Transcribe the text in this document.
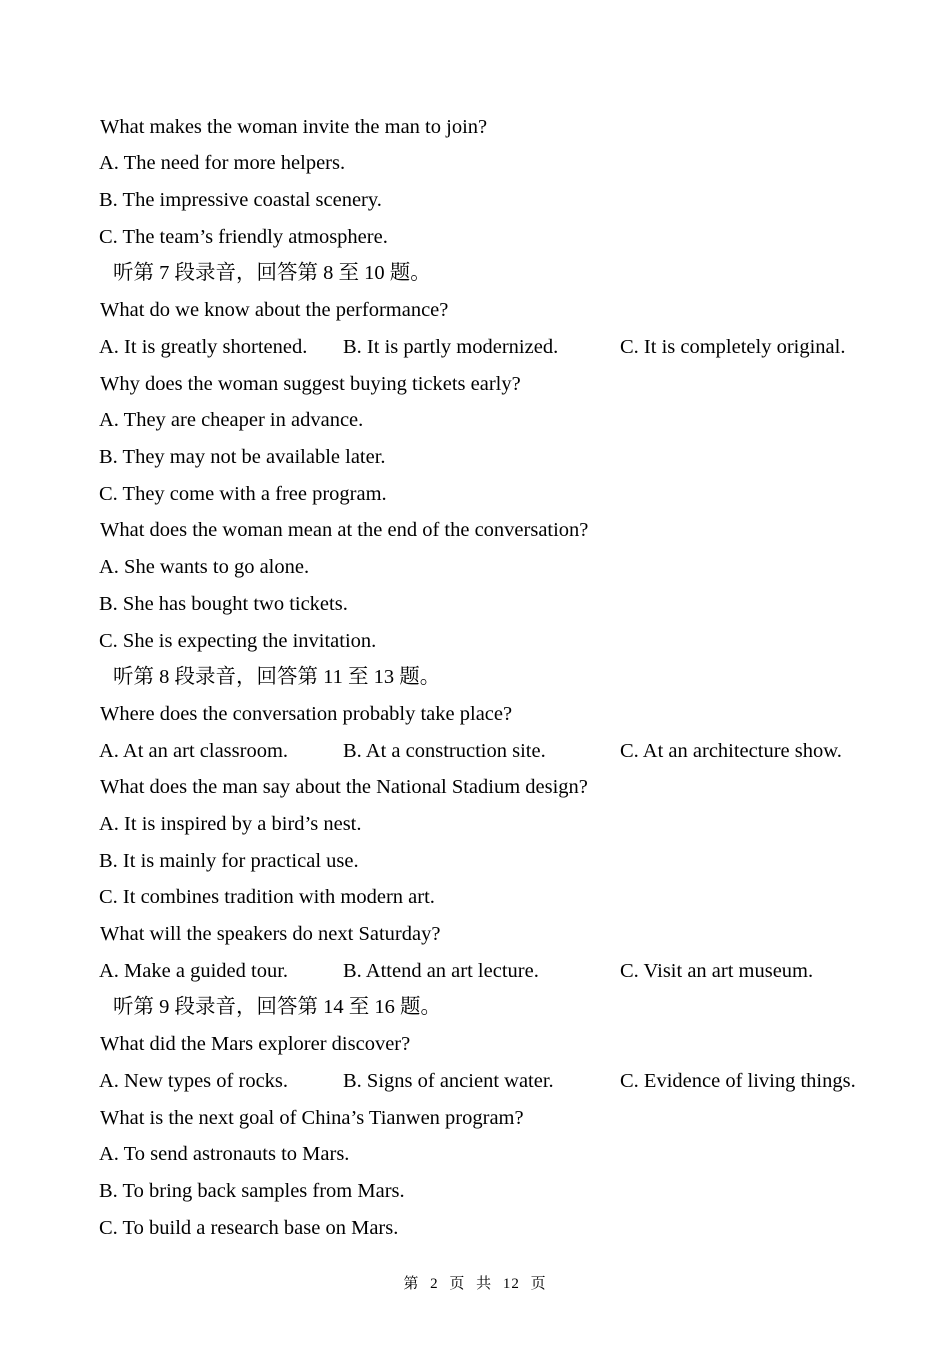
What makes the woman invite the man to join?
A. The need for more helpers.
B. The impressive coastal scenery.
C. The team’s friendly atmosphere.
听第 7 段录音，回答第 8 至 10 题。
What do we know about the performance?
A. It is greatly shortened. B. It is partly modernized.	C. It is completely original.
Why does the woman suggest buying tickets early?
A. They are cheaper in advance.
B. They may not be available later.
C. They come with a free program.
What does the woman mean at the end of the conversation?
A. She wants to go alone.
B. She has bought two tickets.
C. She is expecting the invitation.
听第 8 段录音，回答第 11 至 13 题。
Where does the conversation probably take place?
A. At an art classroom.	B. At a construction site.	C. At an architecture show.
What does the man say about the National Stadium design?
A. It is inspired by a bird’s nest.
B. It is mainly for practical use.
C. It combines tradition with modern art.
What will the speakers do next Saturday?
A. Make a guided tour.	B. Attend an art lecture.	C. Visit an art museum.
听第 9 段录音，回答第 14 至 16 题。
What did the Mars explorer discover?
A. New types of rocks.	B. Signs of ancient water.	C. Evidence of living things.
What is the next goal of China’s Tianwen program?
A. To send astronauts to Mars.
B. To bring back samples from Mars.
C. To build a research base on Mars.
第 2 页 共 12 页
